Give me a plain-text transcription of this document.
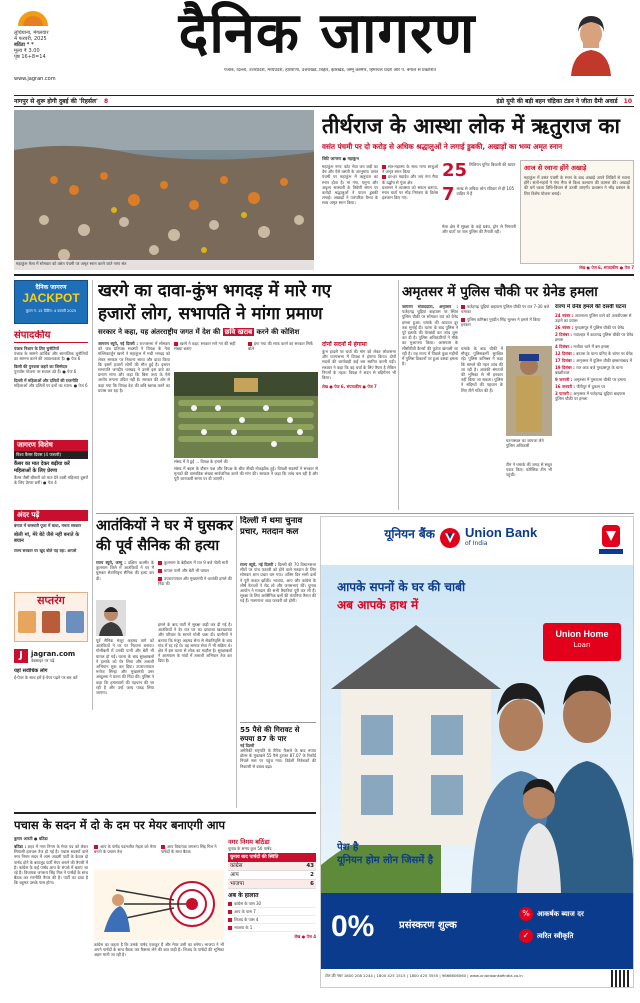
लुधियाना, मंगलवार
4 फरवरी, 2025
बठिंडा * *
मूल्य ₹ 3.00
पृष्ठ 16+8=14
www.jagran.com
दैनिक जागरण
पंजाब, दिल्ली, उत्तरप्रदेश, मध्यप्रदेश, हरियाणा, उत्तराखंड, बिहार, झारखंड, जम्मू कश्मीर, हिमाचल प्रदेश और प. बंगाल से प्रकाशित
नागपुर से शुरू होगी दुबई की 'रिहर्सल' 8	इंडो यूपी की बड़ी बहन चंद्रिका टंडन ने जीता ग्रैमी अवार्ड 10
महाकुंभ मेला में सोमवार को वसंत पंचमी पर अमृत स्नान करने जाते नागा संत
तीर्थराज के आस्था लोक में ऋतुराज का
वसंत पंचमी पर दो करोड़ से अधिक श्रद्धालुओं ने लगाई डुबकी, अखाड़ों का भव्य अमृत स्नान
जिटि जागरण ● महाकुंभ
महाकुंभ नगर: कोट भेवा जय जड़ी का वेष और ऐसे वसंती के आभूषण। वसंत पंचमी पर महाकुंभ में ऋतुराज का स्नान होता है। मां गंगा, यमुना और अदृश्य सरस्वती के त्रिवेणी संगम पर करोड़ों श्रद्धालुओं ने पावन डुबकी लगाई। अखाड़ों ने पारंपरिक वैभव के साथ अमृत स्नान किया।
संत-महात्मा के साथ नागा साधुओं ने अमृत स्नान किया
हर-हर महादेव और जय गंगा मैया के उद्घोष से गूंजा क्षेत्र
प्रशासन ने व्यवस्था को सफल बताया, स्नान घाटों पर भीड़ नियंत्रण के विशेष इंतजाम किए गए।
25 मिलियन यूनिट बिजली की खपत
7 लाख से अधिक लोग रविवार से ही 105 वाहिन में हैं
मेला क्षेत्र में सुरक्षा के कड़े प्रबंध, ड्रोन से निगरानी और घाटों पर जल पुलिस की तैनाती रही।
आज से रवाना होंगे अखाड़े
महाकुंभ में वसंत पंचमी के स्नान के बाद अखाड़े अपने शिविरों से रवाना होंगे। संतों-महंतों ने गंगा मैया से विश्व कल्याण की कामना की। अखाड़ों की धर्म ध्वजा विधि-विधान से उतारी जाएगी। प्रशासन ने भीड़ प्रबंधन के लिए विशेष योजना बनाई।
लेख ● पेज 6, संपादकीय ● पेज 7
दैनिक जागरण
JACKPOT
कूपन नं. 15 प्रिंटिंग: 4 फरवरी 2025
संपादकीय
पंजाब निशान के लिए चुनौतियों
पंजाब के सामने आर्थिक और सामाजिक चुनौतियों का सामना करने की आवश्यकता है। ● पेज 6
किसी की पुनवास कहने का जिम्मेदार
पुनर्वास योजना पर सवाल उठे हैं। ● पेज 6
दिल्ली में महिलाओं और दलितों की राजनीति
महिलाओं और दलितों पर दलों का ध्यान। ● पेज 6
जागरण विशेष
विश्व कैंसर दिवस (4 फरवरी)
कैंसर का मात देकर बढ़ीया करें महिलाओं के लिए प्रेरणा
कैंसर जैसी बीमारी को मात देने वाली महिलाएं दूसरों के लिए प्रेरणा बनीं। ● पेज 4
अंदर पढ़ें
बंगाल में सरस्वती पूजा में बाधा, ममता सरकार
बोली मां, मेरे बेटे जैसे नहीं बनाते के बयान
राज्य सरकार पर खुद बोले यह रहा: आपसे
सप्तरंग
J	jagran.com
वेबसाइट पर पढ़ें
यहां सर्वाधिक लोग
ई-पेपर के साथ हमें ई-पेपर पढ़ने पर बार करें
खरगे का दावा-कुंभ भगदड़ में मारे गए
हजारों लोग, सभापति ने मांगा प्रमाण
सरकार ने कहा, यह अंतरराष्ट्रीय जगत में देश की छवि खराब करने की कोशिश
जागरण ब्यूरो, नई दिल्ली : राज्यसभा में सोमवार को जब प्रतिपक्ष सदस्यों ने विपक्ष के नेता मल्लिकार्जुन खरगे ने महाकुंभ में मची भगदड़ को लेकर सरकार पर निशाना साधा और दावा किया कि इसमें हजारों लोगों की मौत हुई है। इसपर सभापति जगदीप धनखड़ ने उनसे इस दावे का प्रमाण मांगा और कहा कि बिना तथ्य के ऐसे आरोप लगाना उचित नहीं है। सरकार की ओर से कहा गया कि विपक्ष देश की छवि खराब करने का प्रयास कर रहा है।
खरगे ने कहा: सरकार मारे गए की सही संख्या बताए
हंगा गया की साफ करने का सरकार सिर्फ बोले
संसद में ये हुई ... विपक्ष के हंगामे की
संसद में बहस के दौरान पक्ष और विपक्ष के बीच तीखी नोकझोंक हुई। विपक्षी सदस्यों ने सरकार से मृतकों की वास्तविक संख्या सार्वजनिक करने की मांग की। सरकार ने कहा कि जांच चल रही है और पूरी जानकारी समय पर दी जाएगी।
दोनों सदनों में हंगामा
कुंभ हादसे पर चर्चा की मांग को लेकर लोकसभा और राज्यसभा में विपक्ष ने हंगामा किया। दोनों सदनों की कार्यवाही कई बार स्थगित करनी पड़ी। सरकार ने कहा कि वह चर्चा के लिए तैयार है लेकिन नियमों के तहत। विपक्ष ने सदन से बहिर्गमन भी किया।
लेख ● पेज 6, संपादकीय ● पेज 7
अमृतसर में पुलिस चौकी पर ग्रेनेड हमला
जागरण संवाददाता, अमृतसर : फतेहगढ़ चूड़ियां बाइपास पर स्थित पुलिस चौकी पर सोमवार रात को ग्रेनेड हमला हुआ। धमाके की आवाज दूर तक सुनाई दी। घटना के बाद पुलिस ने पूरे इलाके की घेराबंदी कर जांच शुरू कर दी है। पुलिस अधिकारियों ने मौके का मुआयना किया। आसपास के सीसीटीवी कैमरों की फुटेज खंगाली जा रही है। यह राज्य में पिछले कुछ महीनों में पुलिस ठिकानों पर हुआ दसवां हमला है।
फतेहगढ़ चूड़ियां बाइपास पुलिस चौकी पर रात 7-30 बजे धमाका
पुलिस कमिश्नर गुरप्रीत सिंह भुल्लर ने हमले में किया इनकार
धमाके के बाद चौकी में मौजूद पुलिसकर्मी सुरक्षित रहे। पुलिस कमिश्नर ने कहा कि मामले की गहन जांच की जा रही है। आतंकी संगठनों की भूमिका से भी इनकार नहीं किया जा सकता। पुलिस ने संदिग्धों की पहचान के लिए टीमें गठित की हैं।
घटनास्थल का जायजा लेते पुलिस अधिकारी
टीम ने धमाके की जगह से सबूत एकत्र किए। फोरेंसिक टीम भी पहुंची।
राज्य में ग्रेनेड हमले की दसवीं घटना
24 नवंबर : अजनाला पुलिस थाने को आरडीएक्स से उड़ाने का प्रयास
26 नवंबर : गुरदासपुर में पुलिस चौकी पर ग्रेनेड
2 दिसंबर : नवांशहर में काठगढ़ पुलिस चौकी पर ग्रेनेड हमला
4 दिसंबर : मजीठा थाने में बम हमला
12 दिसंबर : बटाला के थाना घनिए के बांगर पर ग्रेनेड
17 दिसंबर : अमृतसर में पुलिस चौकी इस्लामाबाद में
19 दिसंबर : रात आठ बजे गुरदासपुर के थाना बख्शीवाल
9 जनवरी : अमृतसर में गुमटाला चौकी पर हमला
16 जनवरी : जैंतीपुर में दुकान पर
3 फरवरी : अमृतसर में फतेहगढ़ चूड़ियां बाइपास पुलिस चौकी पर हमला
आतंकियों ने घर में घुसकर
की पूर्व सैनिक की हत्या
राज्य ब्यूरो, जम्मू : दक्षिण कश्मीर के कुलगाम जिले में आतंकियों ने घर में घुसकर सेवानिवृत्त सैनिक की हत्या कर दी।
पूर्व सैनिक मंजूर अहमद वागे को आतंकियों ने घर पर निशाना बनाया। गोलीबारी में उनकी पत्नी और बेटी भी घायल हो गईं। घटना के बाद सुरक्षाबलों ने इलाके को घेर लिया और तलाशी अभियान शुरू कर दिया। उपराज्यपाल मनोज सिन्हा और मुख्यमंत्री उमर अब्दुल्ला ने घटना की निंदा की। पुलिस ने कहा कि हमलावरों की पहचान की जा रही है और उन्हें जल्द पकड़ लिया जाएगा।
कुलगाम के बेहीबाग में रात 9 बजे गोली मारी
घायल पत्नी और बेटी भी घायल
उपराज्यपाल और मुख्यमंत्री ने आतंकी हमले की निंदा की
हमले के बाद घाटी में सुरक्षा कड़ी कर दी गई है। आतंकियों ने देर रात घर का दरवाजा खटखटाया और परिवार के सामने गोली चला दी। ग्रामीणों ने बताया कि मंजूर अहमद सेना से सेवानिवृत्ति के बाद गांव में रह रहे थे। वह समाज सेवा में भी सक्रिय थे। क्षेत्र में इस घटना से शोक का माहौल है। सुरक्षाबलों ने आसपास के गांवों में तलाशी अभियान तेज कर दिया है।
दिल्ली में थमा चुनाव प्रचार, मतदान कल
राज्य ब्यूरो, नई दिल्ली : दिल्ली की 70 विधानसभा सीटों पर पांच फरवरी को होने वाले मतदान के लिए सोमवार शाम प्रचार थम गया। अंतिम दिन सभी दलों ने पूरी ताकत झोंकी। भाजपा, आप और कांग्रेस के शीर्ष नेताओं ने रोड शो और जनसभाएं कीं। चुनाव आयोग ने मतदान की सभी तैयारियां पूरी कर ली हैं। सुरक्षा के लिए अर्धसैनिक बलों की कंपनियां तैनात की गई हैं। मतगणना आठ फरवरी को होगी।
55 पैसे की गिरावट से रुपया 87 के पार
नई दिल्ली
अमेरिकी राष्ट्रपति के टैरिफ फैसले के बाद रुपया डॉलर के मुकाबले 55 पैसे टूटकर 87.07 के रिकॉर्ड निचले स्तर पर पहुंच गया। विदेशी निवेशकों की निकासी से दबाव बढ़ा।
यूनियन बैंक Union Bank
of India
आपके सपनों के घर की चाबी
अब आपके हाथ में
Union Home
Loan
पेश है
यूनियन होम लोन जिसमें है
0%	प्रसंस्करण शुल्क
%	आकर्षक ब्याज दर
✓	त्वरित स्वीकृति
टोल फ्री नंबर 1800 208 2244 | 1800 425 1515 | 1800 425 3555 | 9666606060 | www.unionbankofindia.co.in
पचास के सदन में दो के दम पर मेयर बनाएगी आप
कुमार आरती ● बठिंडा
बठिंडा : शहर में नगर निगम के मेयर पद को लेकर सियासी हलचल तेज हो गई है। पचास सदस्यों वाले नगर निगम सदन में आम आदमी पार्टी के केवल दो पार्षद होने के बावजूद पार्टी मेयर बनाने की तैयारी में है। कांग्रेस के कई पार्षद आप के संपर्क में बताए जा रहे हैं। विधायक जगरूप सिंह गिल ने पार्षदों के साथ बैठक कर रणनीति तैयार की है। पार्टी का दावा है कि बहुमत उसके पास होगा।
आप के पार्षद पदमजीत मेहता को मेयर बनाने के प्रयास तेज
आप विधायक जगरूप सिंह गिल ने पार्षदों के साथ बैठक
कांग्रेस का कहना है कि उसके पार्षद एकजुट हैं और मेयर उसी का बनेगा। भाजपा ने भी अपने पार्षदों के साथ बैठक कर फैसला लेने की बात कही है। शिअद के पार्षदों की भूमिका अहम मानी जा रही है।
नगर निगम बठिंडा
चुनाव के समय कुल 50 पार्षद
चुनाव बाद पार्षदों की स्थिति
कांग्रेस	43
आप	2
भाजपा	6
अब के हालात
कांग्रेस के पास 30
आप के पास 7
शिअद के पास 4
भाजपा के 1
लेख ● पेज 4
